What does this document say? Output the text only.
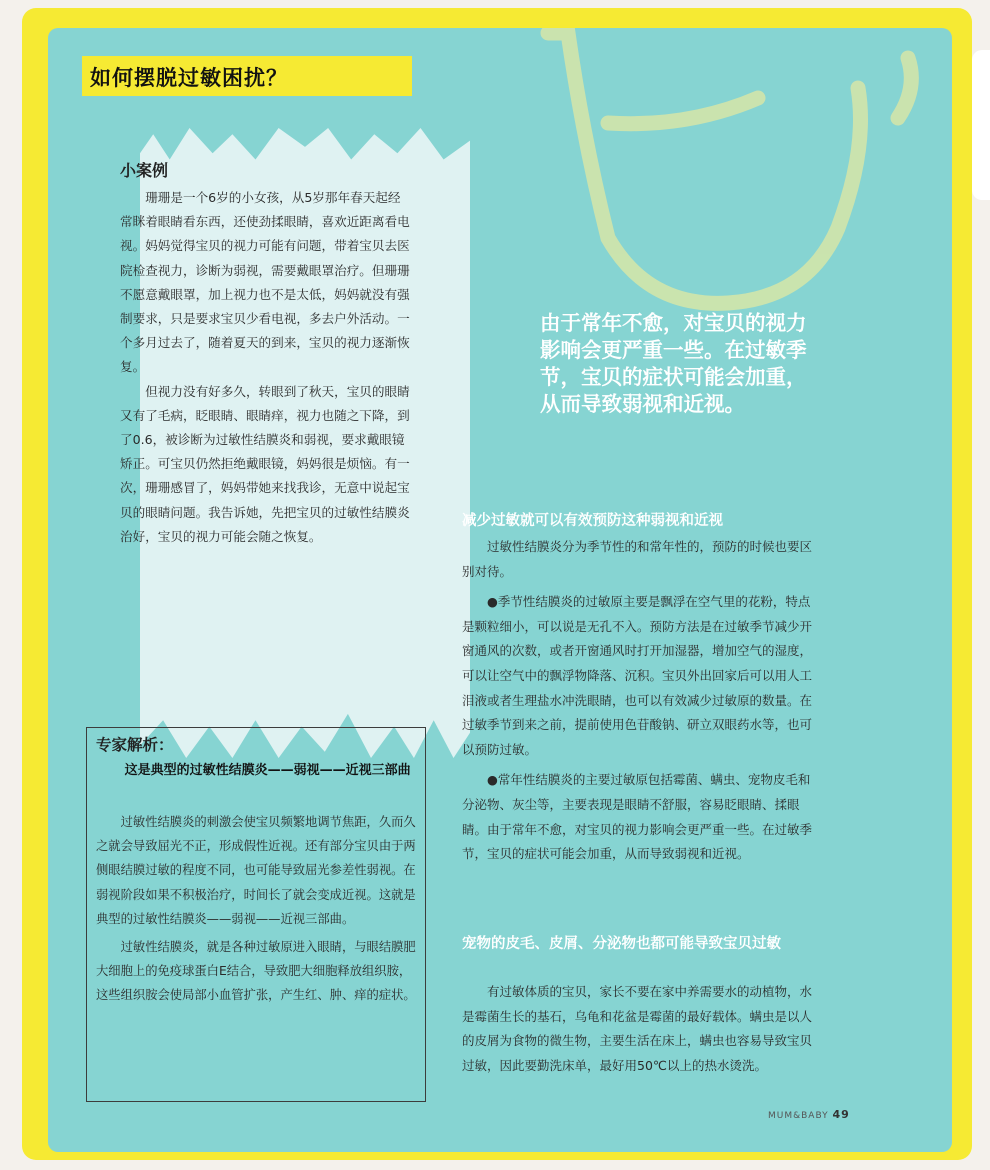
如何摆脱过敏困扰？
小案例

珊珊是一个6岁的小女孩，从5岁那年春天起经常眯着眼睛看东西，还使劲揉眼睛，喜欢近距离看电视。妈妈觉得宝贝的视力可能有问题，带着宝贝去医院检查视力，诊断为弱视，需要戴眼罩治疗。但珊珊不愿意戴眼罩，加上视力也不是太低，妈妈就没有强制要求，只是要求宝贝少看电视，多去户外活动。一个多月过去了，随着夏天的到来，宝贝的视力逐渐恢复。

但视力没有好多久，转眼到了秋天，宝贝的眼睛又有了毛病，眨眼睛、眼睛痒，视力也随之下降，到了0.6，被诊断为过敏性结膜炎和弱视，要求戴眼镜矫正。可宝贝仍然拒绝戴眼镜，妈妈很是烦恼。有一次，珊珊感冒了，妈妈带她来找我诊，无意中说起宝贝的眼睛问题。我告诉她，先把宝贝的过敏性结膜炎治好，宝贝的视力可能会随之恢复。

由于常年不愈，对宝贝的视力影响会更严重一些。在过敏季节，宝贝的症状可能会加重，从而导致弱视和近视。

专家解析：

这是典型的过敏性结膜炎——弱视——近视三部曲

过敏性结膜炎的刺激会使宝贝频繁地调节焦距，久而久之就会导致屈光不正，形成假性近视。还有部分宝贝由于两侧眼结膜过敏的程度不同，也可能导致屈光参差性弱视。在弱视阶段如果不积极治疗，时间长了就会变成近视。这就是典型的过敏性结膜炎——弱视——近视三部曲。

过敏性结膜炎，就是各种过敏原进入眼睛，与眼结膜肥大细胞上的免疫球蛋白E结合，导致肥大细胞释放组织胺，这些组织胺会使局部小血管扩张，产生红、肿、痒的症状。

减少过敏就可以有效预防这种弱视和近视

过敏性结膜炎分为季节性的和常年性的，预防的时候也要区别对待。

●季节性结膜炎的过敏原主要是飘浮在空气里的花粉，特点是颗粒细小，可以说是无孔不入。预防方法是在过敏季节减少开窗通风的次数，或者开窗通风时打开加湿器，增加空气的湿度，可以让空气中的飘浮物降落、沉积。宝贝外出回家后可以用人工泪液或者生理盐水冲洗眼睛，也可以有效减少过敏原的数量。在过敏季节到来之前，提前使用色苷酸钠、研立双眼药水等，也可以预防过敏。

●常年性结膜炎的主要过敏原包括霉菌、螨虫、宠物皮毛和分泌物、灰尘等，主要表现是眼睛不舒服，容易眨眼睛、揉眼睛。由于常年不愈，对宝贝的视力影响会更严重一些。在过敏季节，宝贝的症状可能会加重，从而导致弱视和近视。

宠物的皮毛、皮屑、分泌物也都可能导致宝贝过敏

有过敏体质的宝贝，家长不要在家中养需要水的动植物，水是霉菌生长的基石，乌龟和花盆是霉菌的最好载体。螨虫是以人的皮屑为食物的微生物，主要生活在床上，螨虫也容易导致宝贝过敏，因此要勤洗床单，最好用50℃以上的热水烫洗。

MUM&BABY 49
